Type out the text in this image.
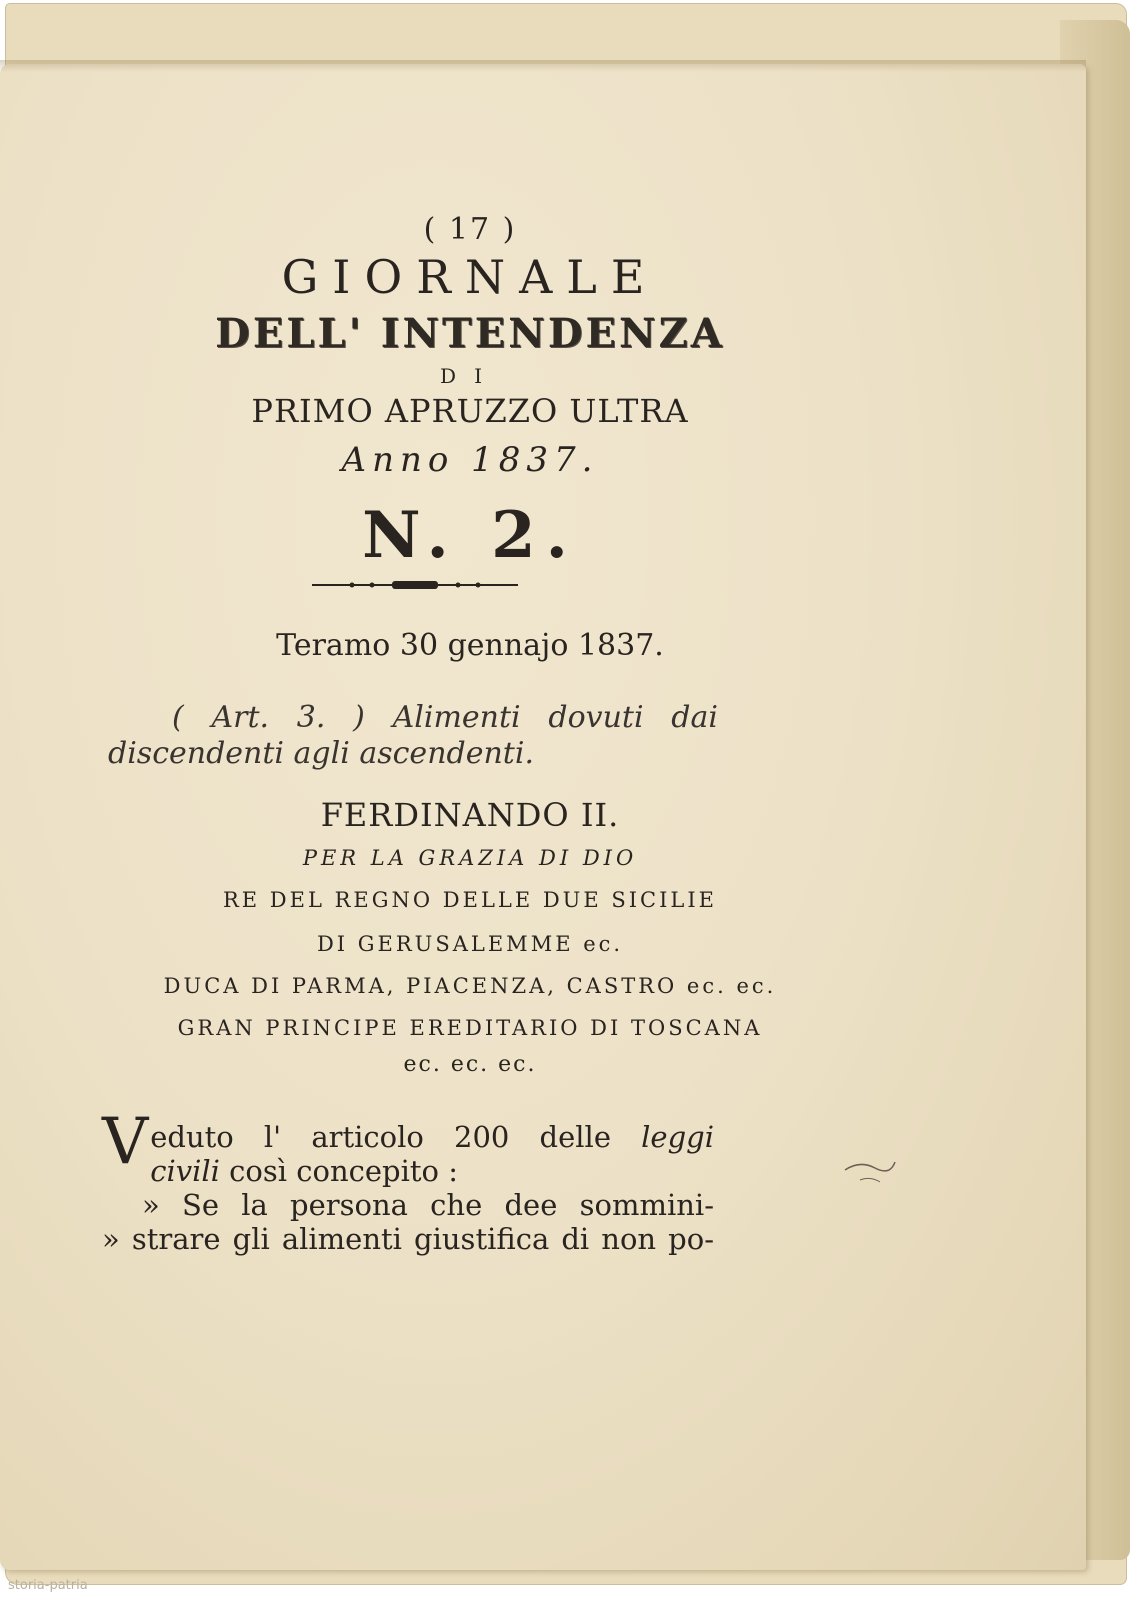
( 17 )
GIORNALE
DELL' INTENDENZA
DI
PRIMO APRUZZO ULTRA
Anno 1837.
N. 2.
Teramo 30 gennajo 1837.
( Art. 3. ) Alimenti dovuti dai discendenti agli ascendenti.
FERDINANDO II.
PER LA GRAZIA DI DIO
RE DEL REGNO DELLE DUE SICILIE
DI GERUSALEMME ec.
DUCA DI PARMA, PIACENZA, CASTRO ec. ec.
GRAN PRINCIPE EREDITARIO DI TOSCANA
ec. ec. ec.
V eduto l' articolo 200 delle leggi
civili così concepito :
» Se la persona che dee sommini-
» strare gli alimenti giustifica di non po-
storia-patria
